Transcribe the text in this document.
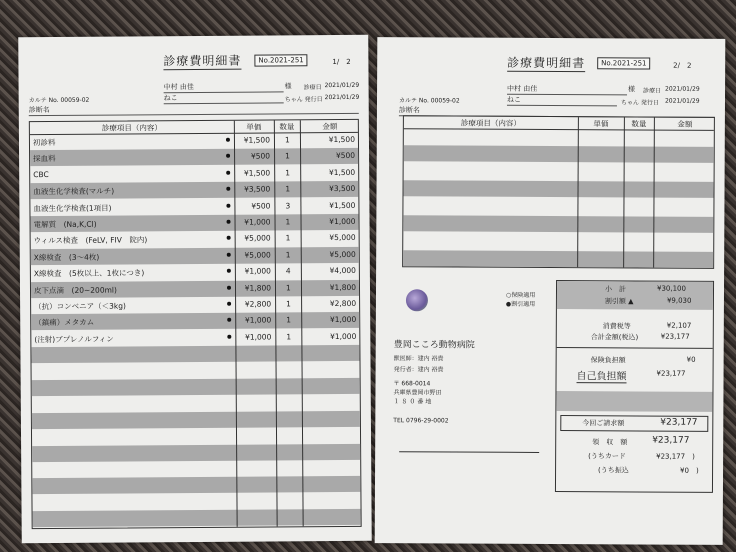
診療費明細書	No.2021-251	1/　2
中村 由佳	様 診療日 2021/01/29
カルテ No. 00059-02	ねこ	ちゃん 発行日 2021/01/29
診断名
診療項目（内容）	単価	数量	金額
初診料	¥1,500 1	¥1,500
採血料	¥500 1	¥500
CBC	¥1,500 1	¥1,500
血液生化学検査(マルチ)	¥3,500 1	¥3,500
血液生化学検査(1項目)	¥500 3	¥1,500
電解質　(Na,K,Cl)	¥1,000 1	¥1,000
ウィルス検査　(FeLV, FIV　院内)	¥5,000 1	¥5,000
X線検査　(3～4枚)	¥5,000 1	¥5,000
X線検査　(5枚以上、1枚につき)	¥1,000 4	¥4,000
皮下点滴　(20~200ml)	¥1,800 1	¥1,800
（抗）コンベニア（＜3kg)	¥2,800 1	¥2,800
（鎮痛）メタカム	¥1,000 1	¥1,000
(注射)ブプレノルフィン	¥1,000 1	¥1,000
診療費明細書	No.2021-251	2/　2
中村 由佳	様 診療日 2021/01/29
カルテ No. 00059-02	ねこ	ちゃん 発行日 2021/01/29
診断名
診療項目（内容）	単価	数量	金額
○保険適用
●割引適用
豊岡こころ動物病院
獣医師：建内 裕貴
発行者：建内 裕貴
〒 668-0014
兵庫県豊岡市野田
１８０番地
TEL 0796-29-0002
小　計	¥30,100
割引額 ▲	¥9,030
消費税等	¥2,107
合計金額(税込)	¥23,177
保険負担額	¥0
自己負担額	¥23,177
今回ご請求額	¥23,177
領　収　額	¥23,177
(うちカード	¥23,177　)
(うち振込	¥0　)
